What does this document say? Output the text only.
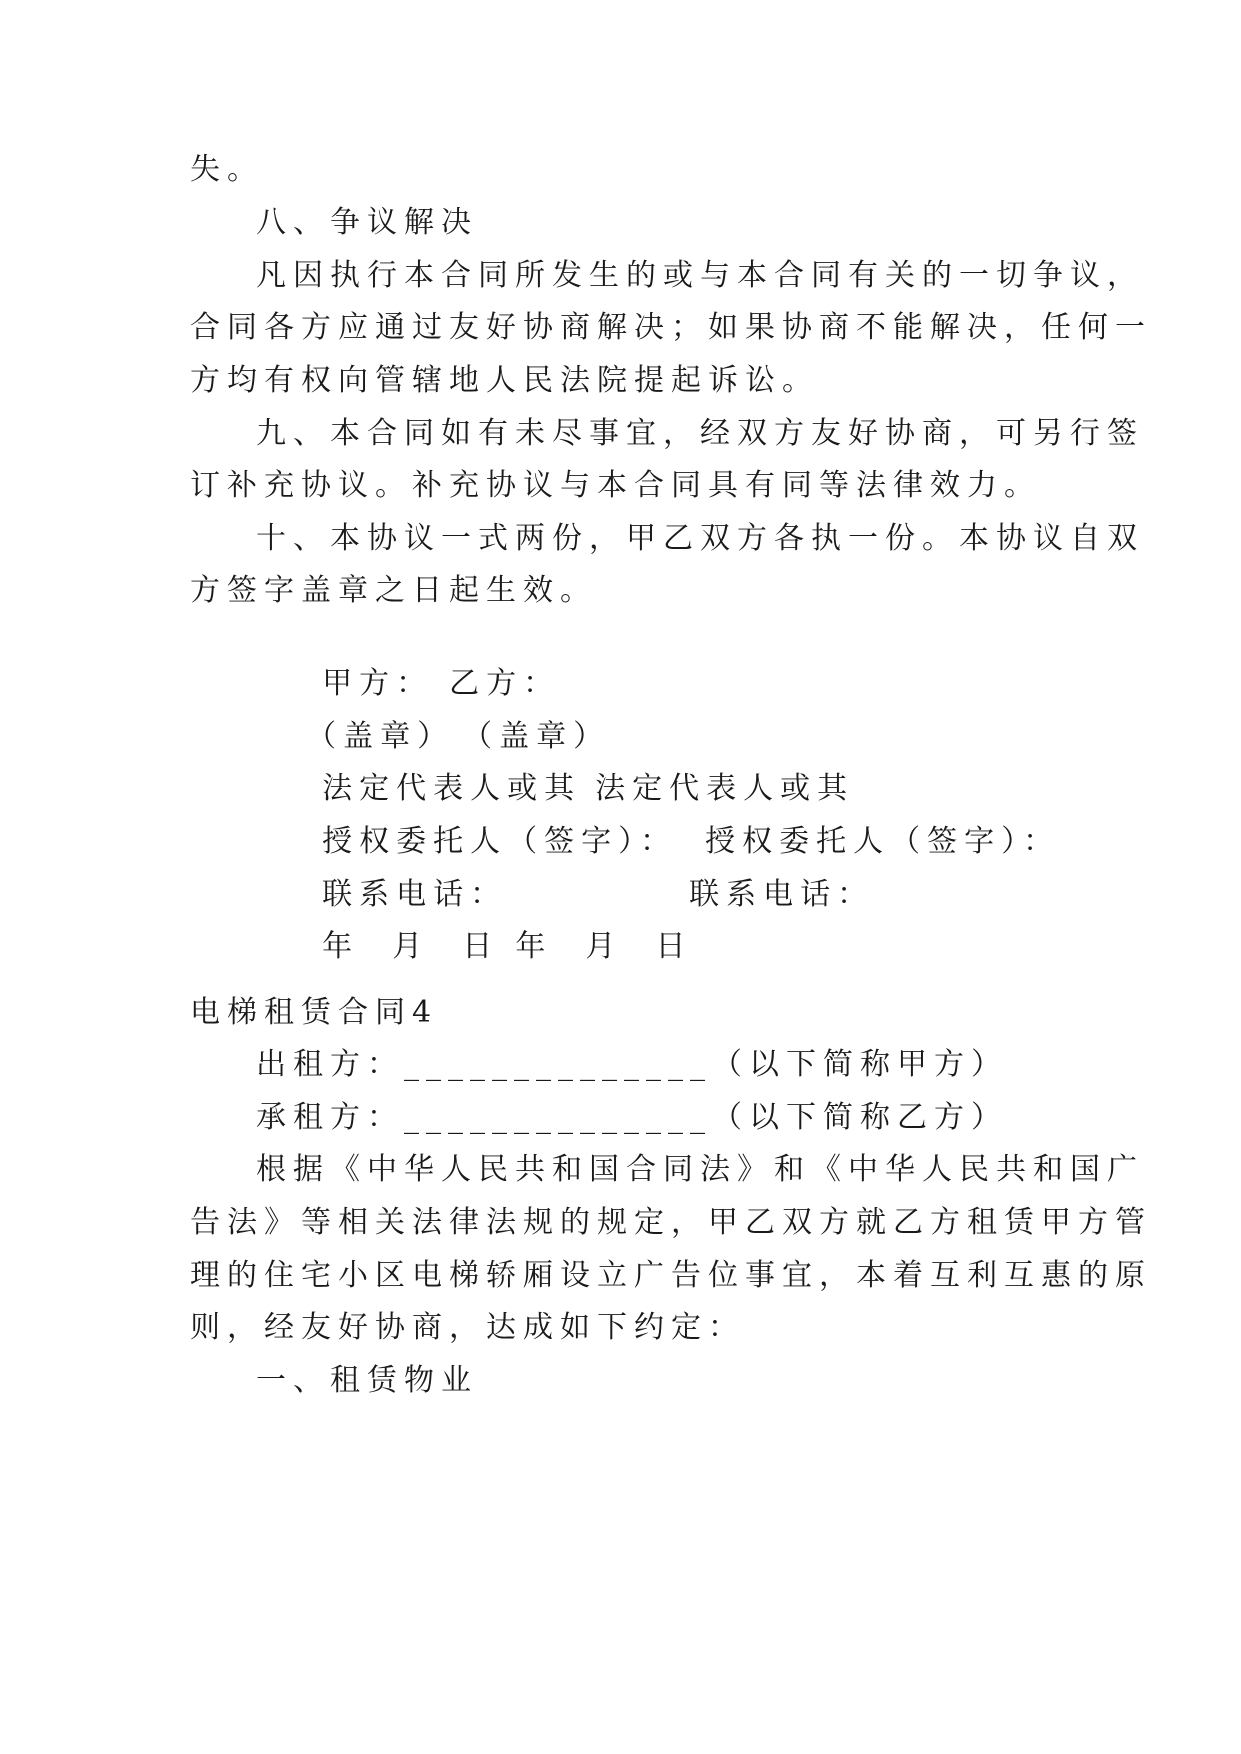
失。
八、争议解决
凡因执行本合同所发生的或与本合同有关的一切争议，
合同各方应通过友好协商解决；如果协商不能解决，任何一
方均有权向管辖地人民法院提起诉讼。
九、本合同如有未尽事宜，经双方友好协商，可另行签
订补充协议。补充协议与本合同具有同等法律效力。
十、本协议一式两份，甲乙双方各执一份。本协议自双
方签字盖章之日起生效。

甲方： 乙方：

（盖章） （盖章）

法定代表人或其 法定代表人或其

授权委托人（签字）： 授权委托人（签字）：

联系电话：	联系电话：

年  月  日 年  月  日

电梯租赁合同4
出租方：______________（以下简称甲方）
承租方：______________（以下简称乙方）
根据《中华人民共和国合同法》和《中华人民共和国广
告法》等相关法律法规的规定，甲乙双方就乙方租赁甲方管
理的住宅小区电梯轿厢设立广告位事宜，本着互利互惠的原
则，经友好协商，达成如下约定：
一、租赁物业
